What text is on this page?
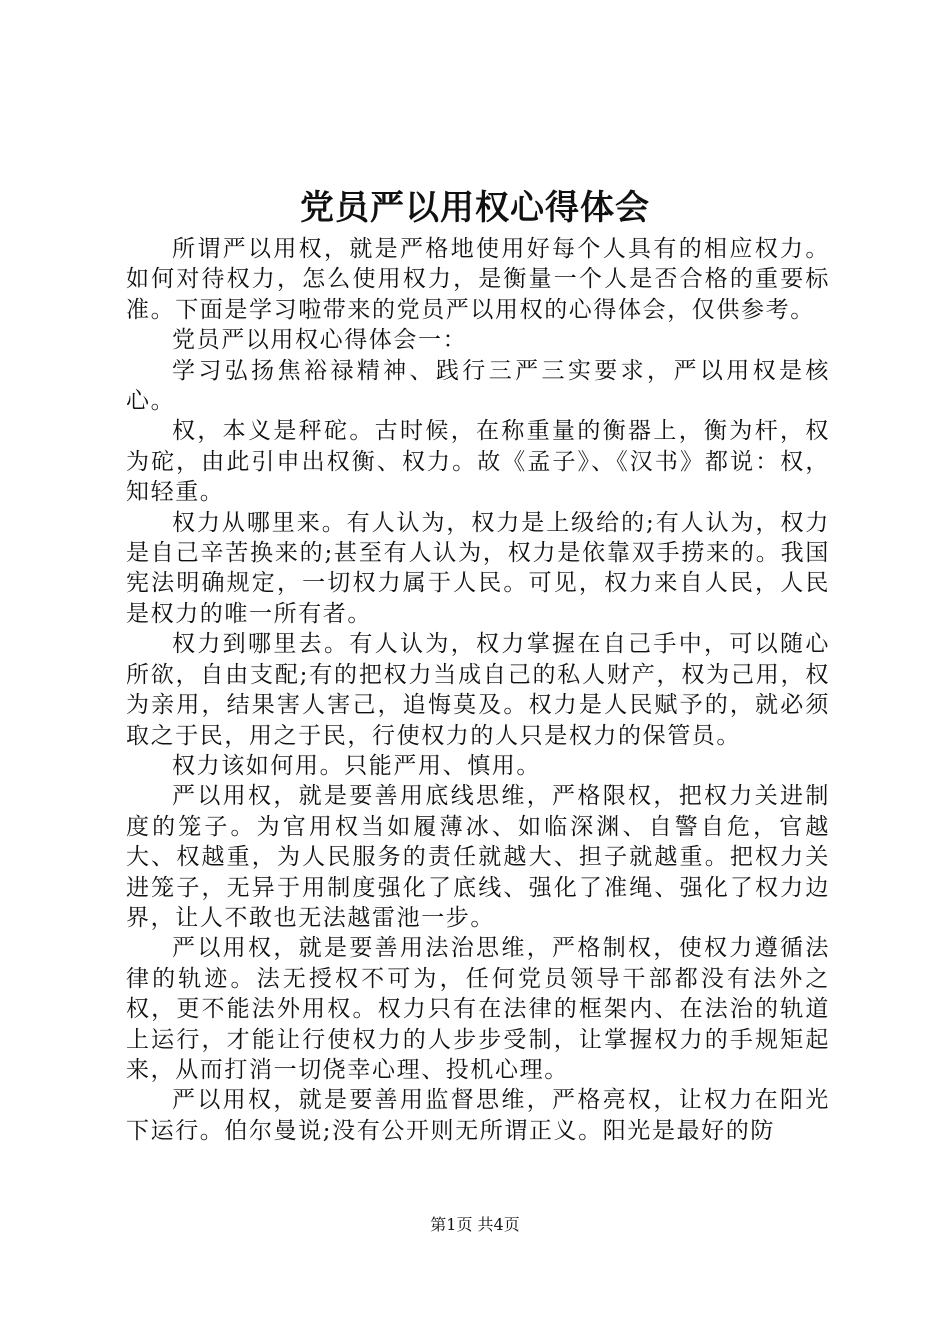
党员严以用权心得体会

所谓严以用权，就是严格地使用好每个人具有的相应权力。如何对待权力，怎么使用权力，是衡量一个人是否合格的重要标准。下面是学习啦带来的党员严以用权的心得体会，仅供参考。

党员严以用权心得体会一：

学习弘扬焦裕禄精神、践行三严三实要求，严以用权是核心。

权，本义是秤砣。古时候，在称重量的衡器上，衡为杆，权为砣，由此引申出权衡、权力。故《孟子》、《汉书》都说：权，知轻重。

权力从哪里来。有人认为，权力是上级给的;有人认为，权力是自己辛苦换来的;甚至有人认为，权力是依靠双手捞来的。我国宪法明确规定，一切权力属于人民。可见，权力来自人民，人民是权力的唯一所有者。

权力到哪里去。有人认为，权力掌握在自己手中，可以随心所欲，自由支配;有的把权力当成自己的私人财产，权为己用，权为亲用，结果害人害己，追悔莫及。权力是人民赋予的，就必须取之于民，用之于民，行使权力的人只是权力的保管员。

权力该如何用。只能严用、慎用。

严以用权，就是要善用底线思维，严格限权，把权力关进制度的笼子。为官用权当如履薄冰、如临深渊、自警自危，官越大、权越重，为人民服务的责任就越大、担子就越重。把权力关进笼子，无异于用制度强化了底线、强化了准绳、强化了权力边界，让人不敢也无法越雷池一步。

严以用权，就是要善用法治思维，严格制权，使权力遵循法律的轨迹。法无授权不可为，任何党员领导干部都没有法外之权，更不能法外用权。权力只有在法律的框架内、在法治的轨道上运行，才能让行使权力的人步步受制，让掌握权力的手规矩起来，从而打消一切侥幸心理、投机心理。

严以用权，就是要善用监督思维，严格亮权，让权力在阳光下运行。伯尔曼说;没有公开则无所谓正义。阳光是最好的防

第1页 共4页
